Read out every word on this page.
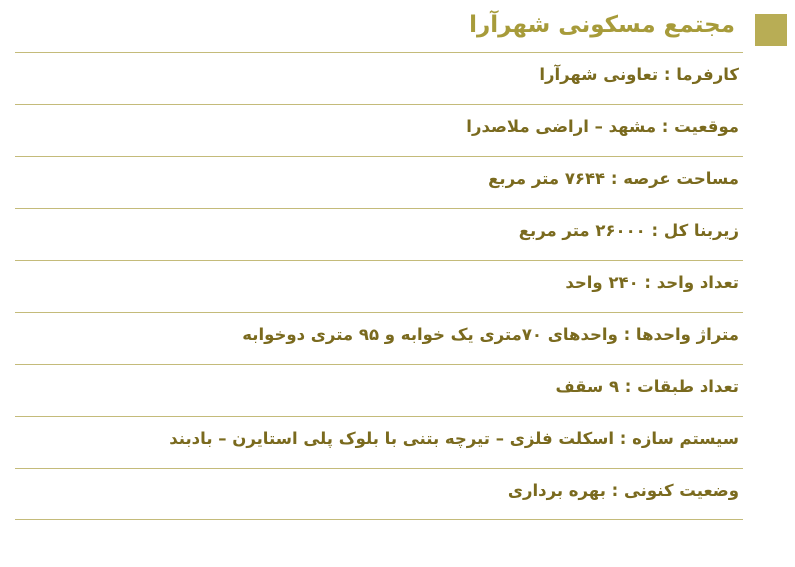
مجتمع مسکونی شهرآرا
کارفرما : تعاونی شهرآرا
موقعیت : مشهد – اراضی ملاصدرا
مساحت عرصه : ۷۶۴۴ متر مربع
زیربنا کل : ۲۶۰۰۰ متر مربع
تعداد واحد : ۲۴۰ واحد
متراژ واحدها : واحدهای ۷۰متری یک خوابه و ۹۵ متری دوخوابه
تعداد طبقات : ۹ سقف
سیستم سازه : اسکلت فلزی – تیرچه بتنی با بلوک پلی استایرن – بادبند
وضعیت کنونی : بهره برداری
